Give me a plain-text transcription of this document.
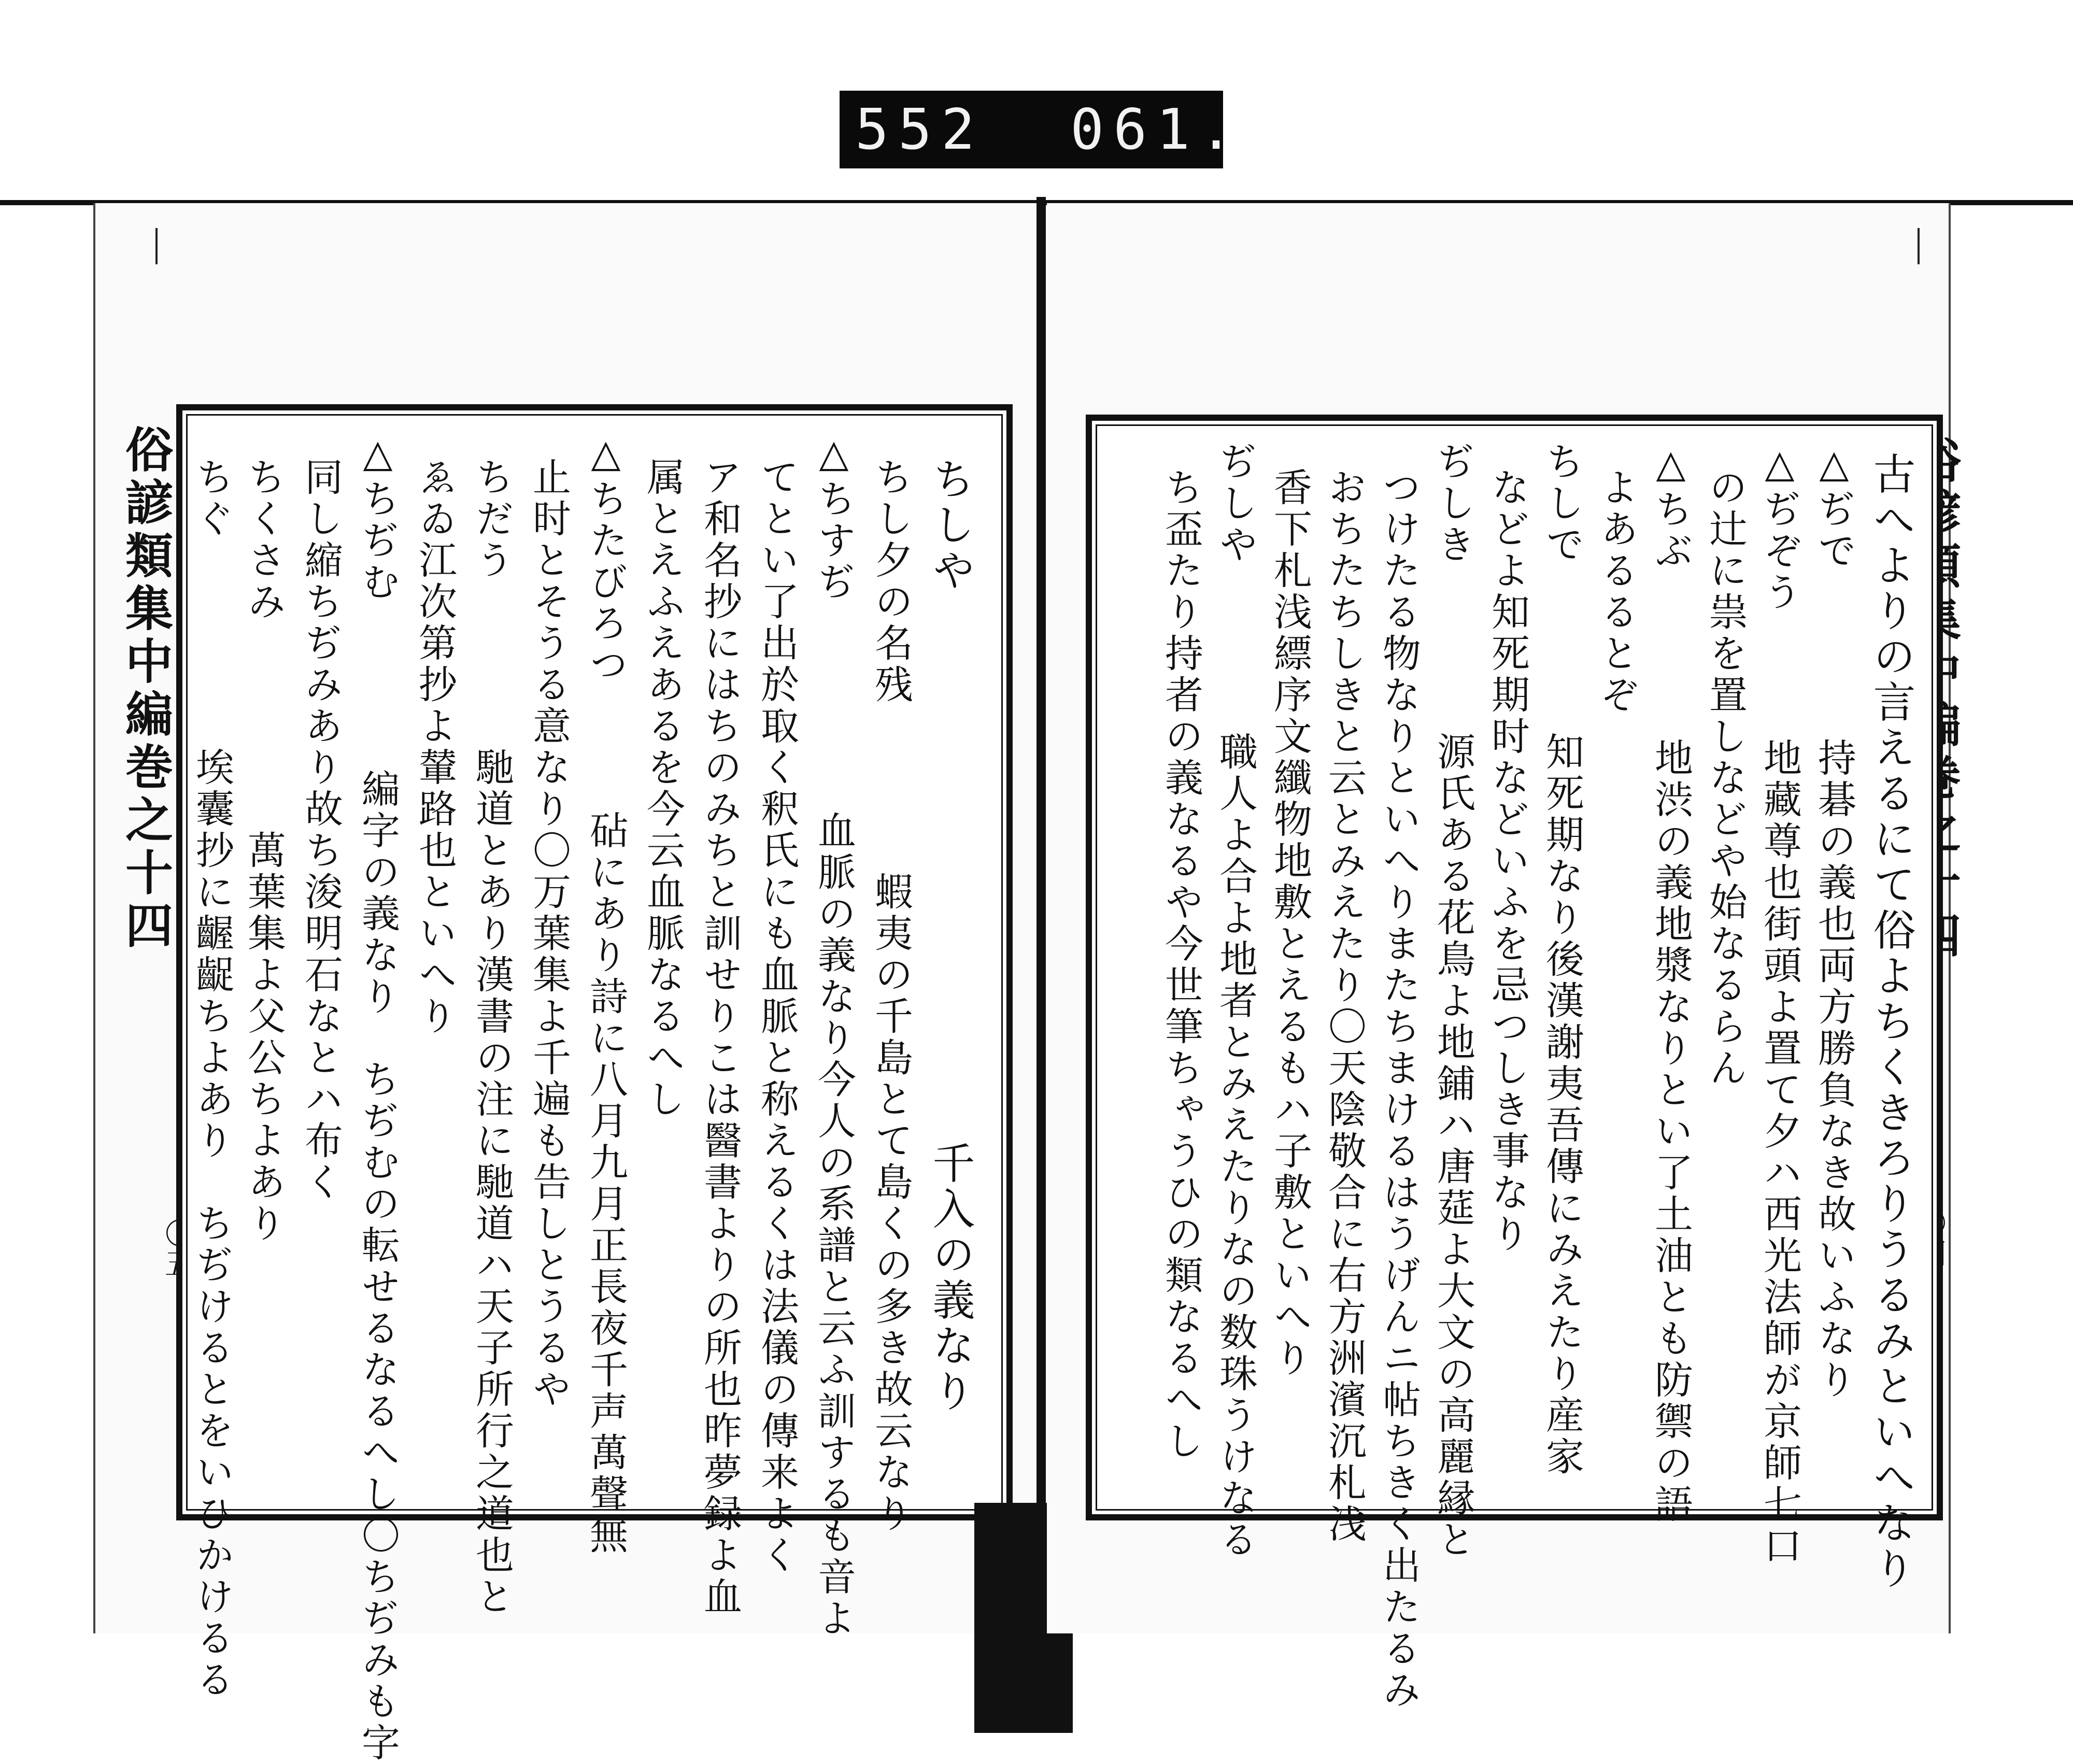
552  061.
俗諺類集中編巻之十四	ちしや　　　　　　　　　　　　千入の義なり
ちし夕の名残　　　　蝦夷の千島とて島くの多き故云なり
△ちすぢ　　　　　血脈の義なり今人の系譜と云ふ訓するも音よ
てとい了出於取く釈氏にも血脈と称えるくは法儀の傳来よく
ア和名抄にはちのみちと訓せりこは醫書よりの所也昨夢録よ血
属とえふえあるを今云血脈なるへし
△ちたびろつ　　　砧にあり詩に八月九月正長夜千声萬聲無
止时とそうる意なり〇万葉集よ千遍も告しとうるや
ちだう　　　　馳道とあり漢書の注に馳道ハ天子所行之道也と
ゑゐ江次第抄よ輦路也といへり
△ちぢむ　　　　編字の義なり　ちぢむの転せるなるへし〇ちぢみも字
同し縮ちぢみあり故ち浚明石なとハ布く
ちくさみ　　　　　萬葉集よ父公ちよあり
ちぐ　　　　　埃囊抄に齷齪ちよあり　ちぢけるとをいひかけるる	古へよりの言えるにて俗よちくきろりうるみといへなり
△ぢで　　　　持碁の義也両方勝負なき故いふなり
△ぢぞう　　　地藏尊也街頭よ置て夕ハ西光法師が京師七口
の辻に祟を置しなどや始なるらん
△ちぶ　　　　地渋の義地漿なりとい了土油とも防禦の語
よあるるとぞ
ちしで　　　　知死期なり後漢謝夷吾傳にみえたり産家
などよ知死期时などいふを忌つしき事なり
ぢしき　　　　源氏ある花鳥よ地鋪ハ唐莚よ大文の高麗縁と
つけたる物なりといへりまたちまけるはうげんニ帖ちきく出たるみ
おちたちしきと云とみえたり〇天陰敬合に右方洲濱沉札浅
香下札浅縹序文纖物地敷とえるもハ子敷といへり
ぢしや　　　　職人よ合よ地者とみえたりなの数珠うけなる
ち盃たり持者の義なるや今世筆ちゃうひの類なるへし
